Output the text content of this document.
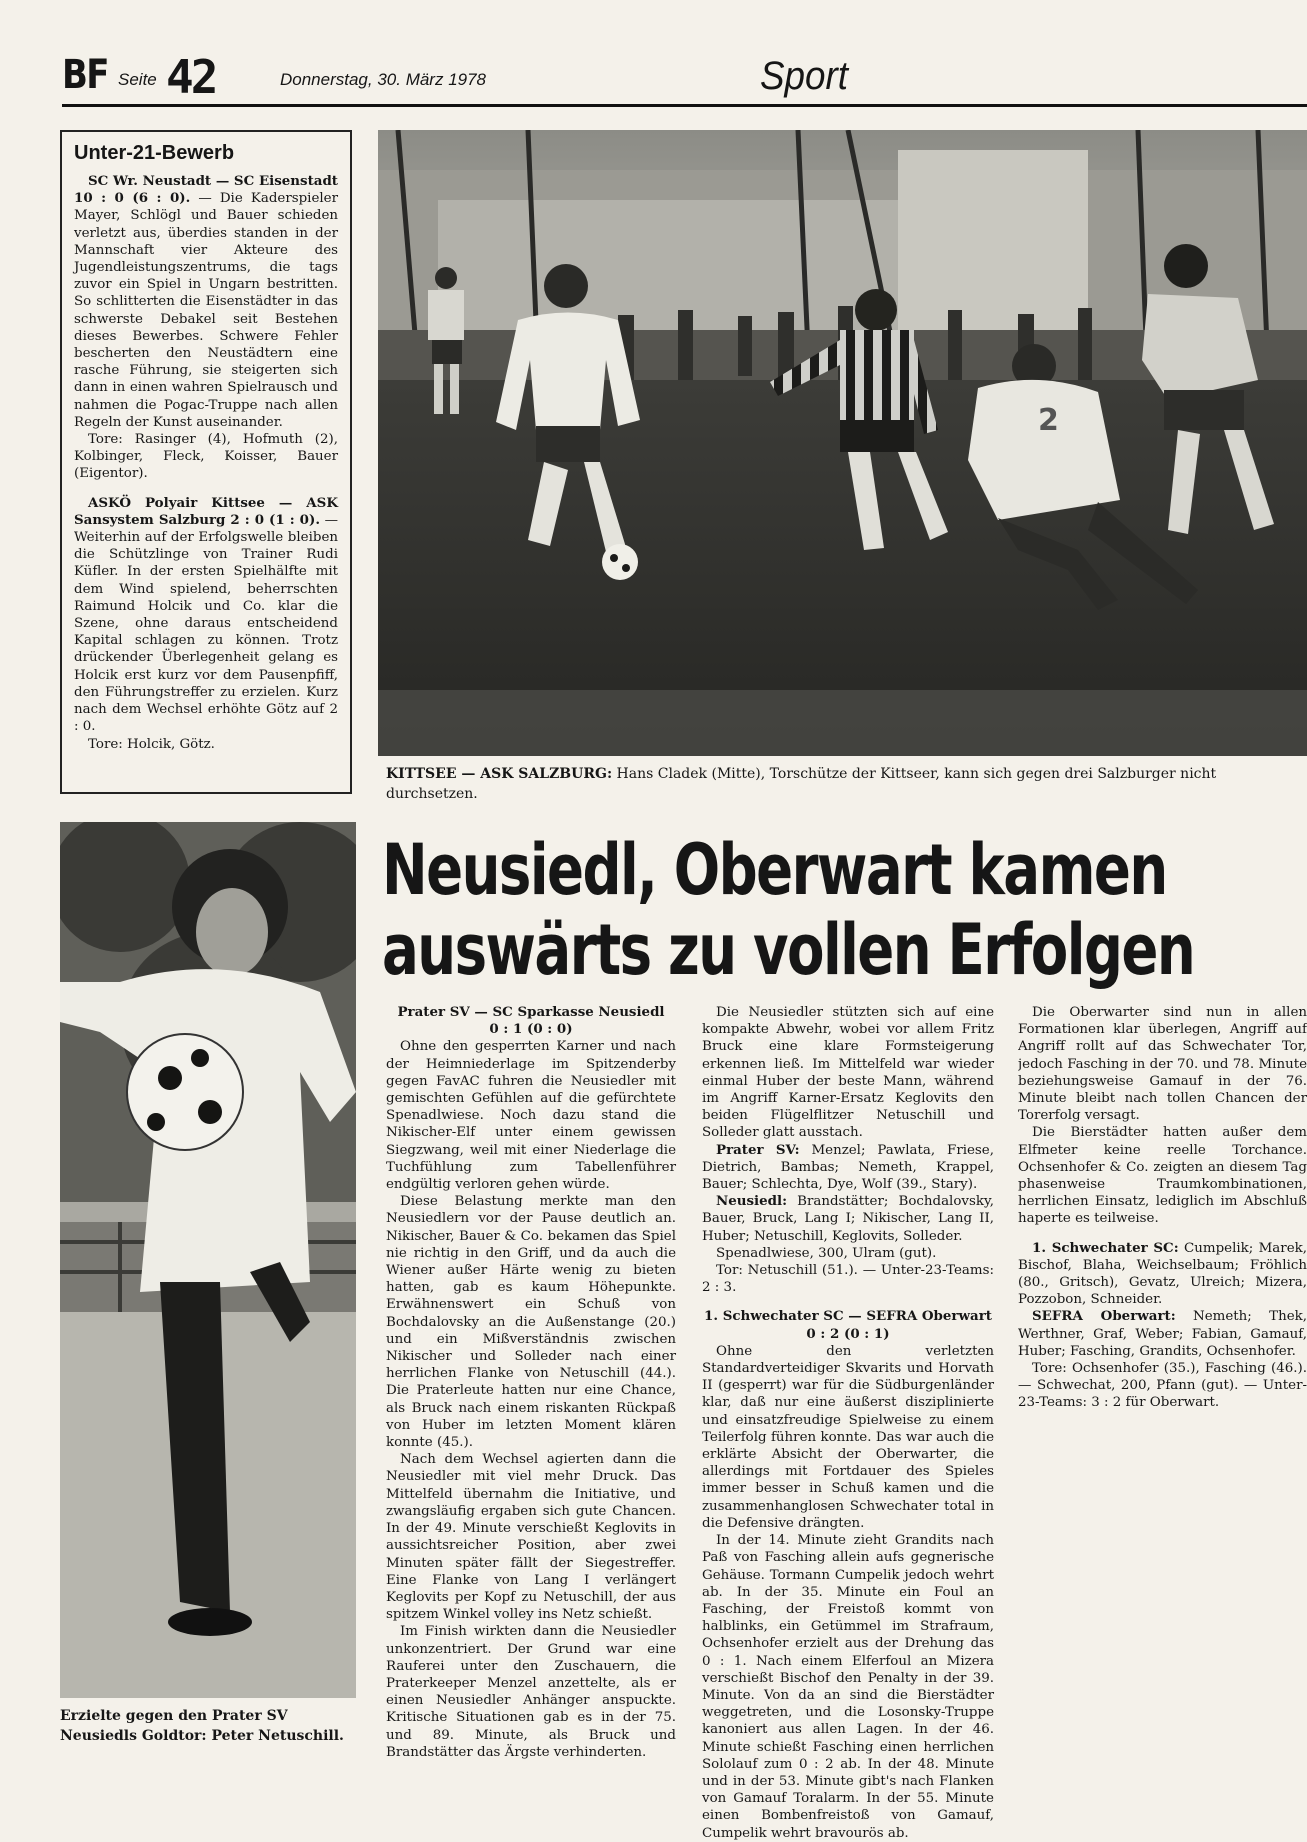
BF Seite 42	Donnerstag, 30. März 1978	Sport
Unter-21-Bewerb

SC Wr. Neustadt — SC Eisenstadt 10 : 0 (6 : 0). — Die Kaderspieler Mayer, Schlögl und Bauer schieden verletzt aus, überdies standen in der Mannschaft vier Akteure des Jugendleistungszentrums, die tags zuvor ein Spiel in Ungarn bestritten. So schlitterten die Eisenstädter in das schwerste Debakel seit Bestehen dieses Bewerbes. Schwere Fehler bescherten den Neustädtern eine rasche Führung, sie steigerten sich dann in einen wahren Spielrausch und nahmen die Pogac-Truppe nach allen Regeln der Kunst auseinander.

Tore: Rasinger (4), Hofmuth (2), Kolbinger, Fleck, Koisser, Bauer (Eigentor).

ASKÖ Polyair Kittsee — ASK Sansystem Salzburg 2 : 0 (1 : 0). — Weiterhin auf der Erfolgswelle bleiben die Schützlinge von Trainer Rudi Küfler. In der ersten Spielhälfte mit dem Wind spielend, beherrschten Raimund Holcik und Co. klar die Szene, ohne daraus entscheidend Kapital schlagen zu können. Trotz drückender Überlegenheit gelang es Holcik erst kurz vor dem Pausenpfiff, den Führungstreffer zu erzielen. Kurz nach dem Wechsel erhöhte Götz auf 2 : 0.

Tore: Holcik, Götz.

2
KITTSEE — ASK SALZBURG: Hans Cladek (Mitte), Torschütze der Kittseer, kann sich gegen drei Salzburger nicht durchsetzen.
Erzielte gegen den Prater SV Neusiedls Goldtor: Peter Netuschill.
Neusiedl, Oberwart kamen
auswärts zu vollen Erfolgen

Prater SV — SC Sparkasse Neusiedl

0 : 1 (0 : 0)

Ohne den gesperrten Karner und nach der Heimniederlage im Spitzenderby gegen FavAC fuhren die Neusiedler mit gemischten Gefühlen auf die gefürchtete Spenadlwiese. Noch dazu stand die Nikischer-Elf unter einem gewissen Siegzwang, weil mit einer Niederlage die Tuchfühlung zum Tabellenführer endgültig verloren gehen würde.

Diese Belastung merkte man den Neusiedlern vor der Pause deutlich an. Nikischer, Bauer & Co. bekamen das Spiel nie richtig in den Griff, und da auch die Wiener außer Härte wenig zu bieten hatten, gab es kaum Höhepunkte. Erwähnenswert ein Schuß von Bochdalovsky an die Außenstange (20.) und ein Mißverständnis zwischen Nikischer und Solleder nach einer herrlichen Flanke von Netuschill (44.). Die Praterleute hatten nur eine Chance, als Bruck nach einem riskanten Rückpaß von Huber im letzten Moment klären konnte (45.).

Nach dem Wechsel agierten dann die Neusiedler mit viel mehr Druck. Das Mittelfeld übernahm die Initiative, und zwangsläufig ergaben sich gute Chancen. In der 49. Minute verschießt Keglovits in aussichtsreicher Position, aber zwei Minuten später fällt der Siegestreffer. Eine Flanke von Lang I verlängert Keglovits per Kopf zu Netuschill, der aus spitzem Winkel volley ins Netz schießt.

Im Finish wirkten dann die Neusiedler unkonzentriert. Der Grund war eine Rauferei unter den Zuschauern, die Praterkeeper Menzel anzettelte, als er einen Neusiedler Anhänger anspuckte. Kritische Situationen gab es in der 75. und 89. Minute, als Bruck und Brandstätter das Ärgste verhinderten.

Die Neusiedler stützten sich auf eine kompakte Abwehr, wobei vor allem Fritz Bruck eine klare Formsteigerung erkennen ließ. Im Mittelfeld war wieder einmal Huber der beste Mann, während im Angriff Karner-Ersatz Keglovits den beiden Flügelflitzer Netuschill und Solleder glatt ausstach.

Prater SV: Menzel; Pawlata, Friese, Dietrich, Bambas; Nemeth, Krappel, Bauer; Schlechta, Dye, Wolf (39., Stary).

Neusiedl: Brandstätter; Bochdalovsky, Bauer, Bruck, Lang I; Nikischer, Lang II, Huber; Netuschill, Keglovits, Solleder.

Spenadlwiese, 300, Ulram (gut).

Tor: Netuschill (51.). — Unter-23-Teams: 2 : 3.

1. Schwechater SC — SEFRA Oberwart 0 : 2 (0 : 1)

Ohne den verletzten Standardverteidiger Skvarits und Horvath II (gesperrt) war für die Südburgenländer klar, daß nur eine äußerst disziplinierte und einsatzfreudige Spielweise zu einem Teilerfolg führen konnte. Das war auch die erklärte Absicht der Oberwarter, die allerdings mit Fortdauer des Spieles immer besser in Schuß kamen und die zusammenhanglosen Schwechater total in die Defensive drängten.

In der 14. Minute zieht Grandits nach Paß von Fasching allein aufs gegnerische Gehäuse. Tormann Cumpelik jedoch wehrt ab. In der 35. Minute ein Foul an Fasching, der Freistoß kommt von halblinks, ein Getümmel im Strafraum, Ochsenhofer erzielt aus der Drehung das 0 : 1. Nach einem Elferfoul an Mizera verschießt Bischof den Penalty in der 39. Minute. Von da an sind die Bierstädter weggetreten, und die Losonsky-Truppe kanoniert aus allen Lagen. In der 46. Minute schießt Fasching einen herrlichen Sololauf zum 0 : 2 ab. In der 48. Minute und in der 53. Minute gibt's nach Flanken von Gamauf Toralarm. In der 55. Minute einen Bombenfreistoß von Gamauf, Cumpelik wehrt bravourös ab.

Die Oberwarter sind nun in allen Formationen klar überlegen, Angriff auf Angriff rollt auf das Schwechater Tor, jedoch Fasching in der 70. und 78. Minute beziehungsweise Gamauf in der 76. Minute bleibt nach tollen Chancen der Torerfolg versagt.

Die Bierstädter hatten außer dem Elfmeter keine reelle Torchance. Ochsenhofer & Co. zeigten an diesem Tag phasenweise Traumkombinationen, herrlichen Einsatz, lediglich im Abschluß haperte es teilweise.

1. Schwechater SC: Cumpelik; Marek, Bischof, Blaha, Weichselbaum; Fröhlich (80., Gritsch), Gevatz, Ulreich; Mizera, Pozzobon, Schneider.

SEFRA Oberwart: Nemeth; Thek, Werthner, Graf, Weber; Fabian, Gamauf, Huber; Fasching, Grandits, Ochsenhofer.

Tore: Ochsenhofer (35.), Fasching (46.). — Schwechat, 200, Pfann (gut). — Unter-23-Teams: 3 : 2 für Oberwart.
